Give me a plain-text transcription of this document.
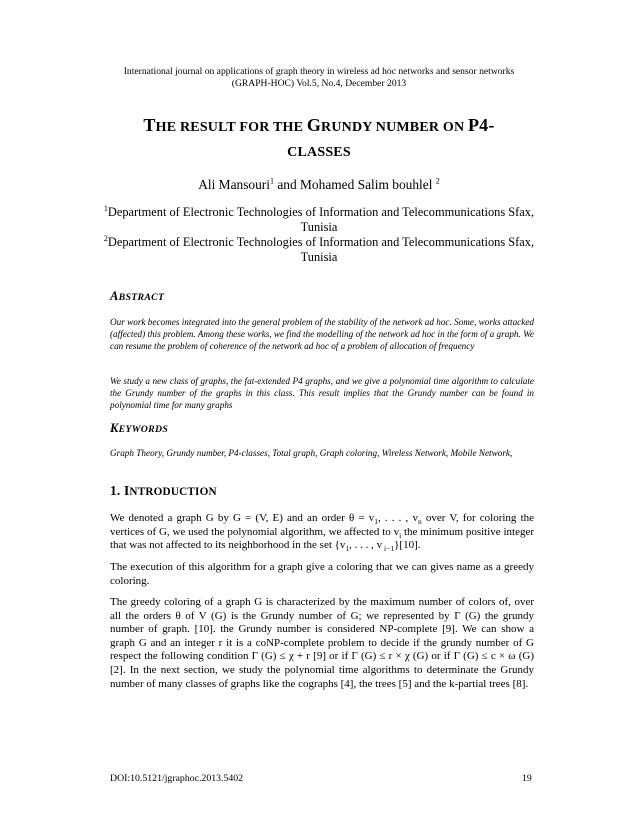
International journal on applications of graph theory in wireless ad hoc networks and sensor networks
(GRAPH-HOC) Vol.5, No.4, December 2013
THE RESULT FOR THE GRUNDY NUMBER ON P4-
CLASSES
Ali Mansouri$^1$ and Mohamed Salim bouhlel $^2$
$^1$Department of Electronic Technologies of Information and Telecommunications Sfax,
Tunisia
$^2$Department of Electronic Technologies of Information and Telecommunications Sfax,
Tunisia
ABSTRACT
Our work becomes integrated into the general problem of the stability of the network ad hoc. Some, works attacked (affected) this problem. Among these works, we find the modelling of the network ad hoc in the form of a graph. We can resume the problem of coherence of the network ad hoc of a problem of allocation of frequency
We study a new class of graphs, the fat-extended P4 graphs, and we give a polynomial time algorithm to calculate the Grundy number of the graphs in this class. This result implies that the Grundy number can be found in polynomial time for many graphs
KEYWORDS
Graph Theory, Grundy number, P4-classes, Total graph, Graph coloring, Wireless Network, Mobile Network,
1. INTRODUCTION
We denoted a graph G by G = (V, E) and an order $\theta = v_1$, . . . , $v_n$ over V, for coloring the vertices of G, we used the polynomial algorithm, we affected to $v_i$ the minimum positive integer that was not affected to its neighborhood in the set {$v_1$, . . . , v $_{i-1}$}[10].
The execution of this algorithm for a graph give a coloring that we can gives name as a greedy coloring.
The greedy coloring of a graph G is characterized by the maximum number of colors of, over all the orders θ of V (G) is the Grundy number of G; we represented by Γ (G) the grundy number of graph. [10]. the Grundy number is considered NP-complete [9]. We can show a graph G and an integer r it is a coNP-complete problem to decide if the grundy number of G respect the following condition Γ (G) ≤ χ + r [9] or if Γ (G) ≤ r × χ (G) or if Γ (G) ≤ c × ω (G) [2]. In the next section, we study the polynomial time algorithms to determinate the Grundy number of many classes of graphs like the cographs [4], the trees [5] and the k-partial trees [8].
DOI:10.5121/jgraphoc.2013.5402	19
